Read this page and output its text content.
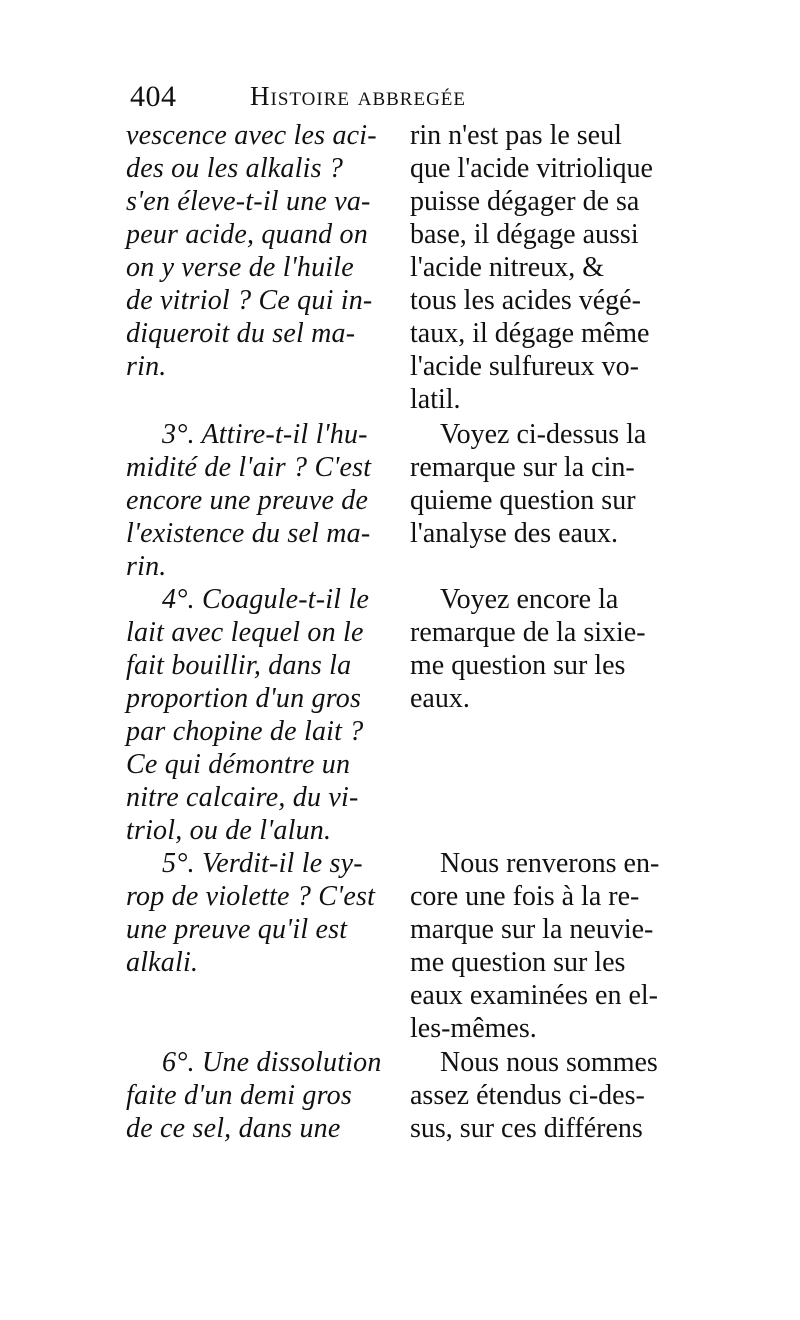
404	Histoire abbregée
vescence avec les aci-
des ou les alkalis ?
s'en éleve-t-il une va-
peur acide, quand on
on y verse de l'huile
de vitriol ? Ce qui in-
diqueroit du sel ma-
rin.
3°. Attire-t-il l'hu-
midité de l'air ? C'est
encore une preuve de
l'existence du sel ma-
rin.
4°. Coagule-t-il le
lait avec lequel on le
fait bouillir, dans la
proportion d'un gros
par chopine de lait ?
Ce qui démontre un
nitre calcaire, du vi-
triol, ou de l'alun.
5°. Verdit-il le sy-
rop de violette ? C'est
une preuve qu'il est
alkali.
6°. Une dissolution
faite d'un demi gros
de ce sel, dans une
rin n'est pas le seul
que l'acide vitriolique
puisse dégager de sa
base, il dégage aussi
l'acide nitreux, &
tous les acides végé-
taux, il dégage même
l'acide sulfureux vo-
latil.
Voyez ci-dessus la
remarque sur la cin-
quieme question sur
l'analyse des eaux.
Voyez encore la
remarque de la sixie-
me question sur les
eaux.
Nous renverons en-
core une fois à la re-
marque sur la neuvie-
me question sur les
eaux examinées en el-
les-mêmes.
Nous nous sommes
assez étendus ci-des-
sus, sur ces différens
